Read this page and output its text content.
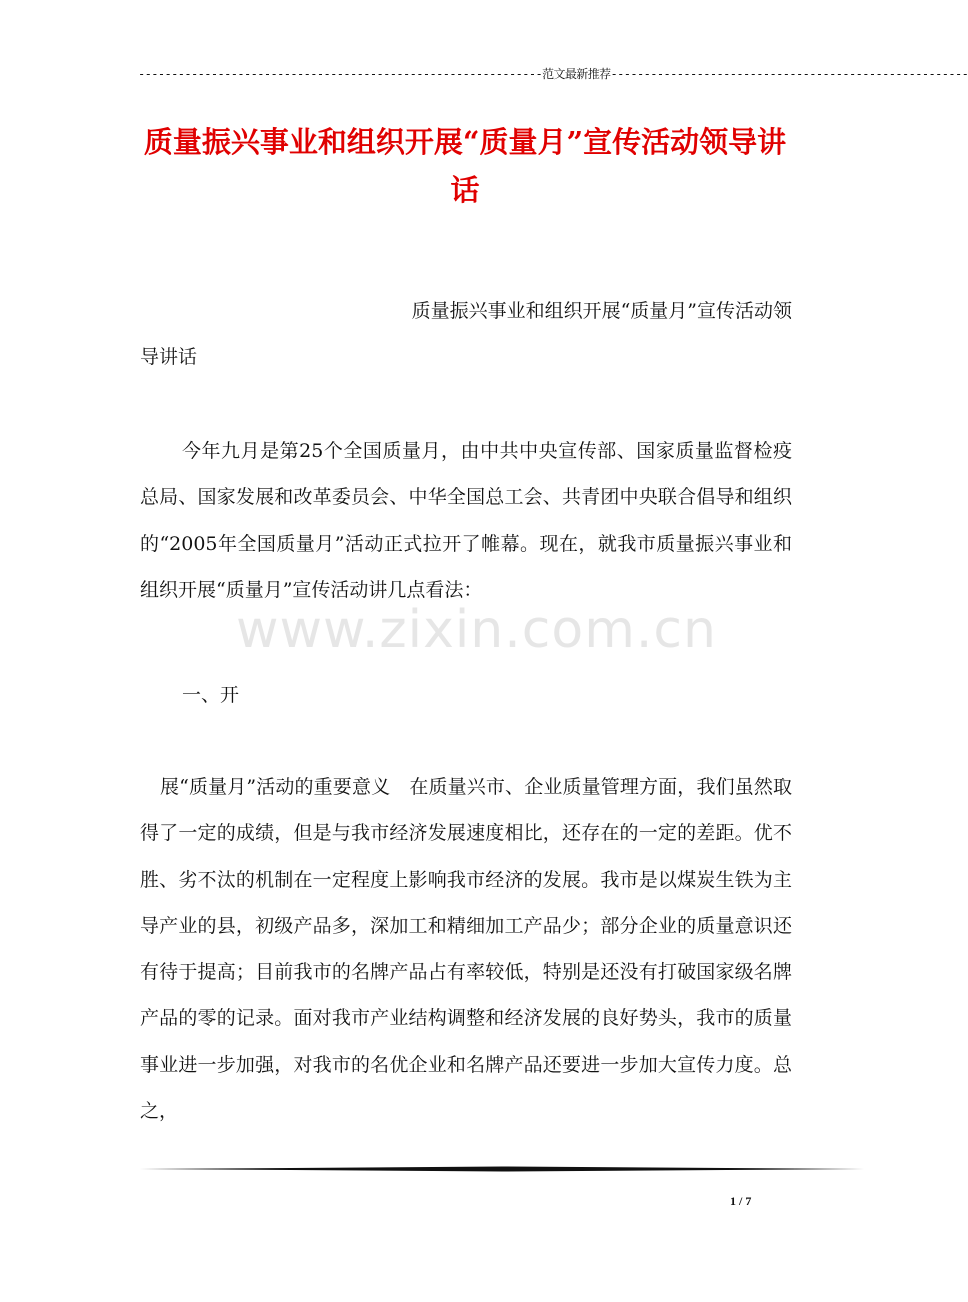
-------------------------------------------------------------范文最新推荐------------------------------------------------------
质量振兴事业和组织开展“质量月”宣传活动领导讲话
质量振兴事业和组织开展“质量月”宣传活动领
导讲话
www.zixin.com.cn
今年九月是第25个全国质量月，由中共中央宣传部、国家质量监督检疫总局、国家发展和改革委员会、中华全国总工会、共青团中央联合倡导和组织的“2005年全国质量月”活动正式拉开了帷幕。现在，就我市质量振兴事业和组织开展“质量月”宣传活动讲几点看法：
一、开
展“质量月”活动的重要意义　在质量兴市、企业质量管理方面，我们虽然取得了一定的成绩，但是与我市经济发展速度相比，还存在的一定的差距。优不胜、劣不汰的机制在一定程度上影响我市经济的发展。我市是以煤炭生铁为主导产业的县，初级产品多，深加工和精细加工产品少；部分企业的质量意识还有待于提高；目前我市的名牌产品占有率较低，特别是还没有打破国家级名牌产品的零的记录。面对我市产业结构调整和经济发展的良好势头，我市的质量事业进一步加强，对我市的名优企业和名牌产品还要进一步加大宣传力度。总之，
1 / 7
